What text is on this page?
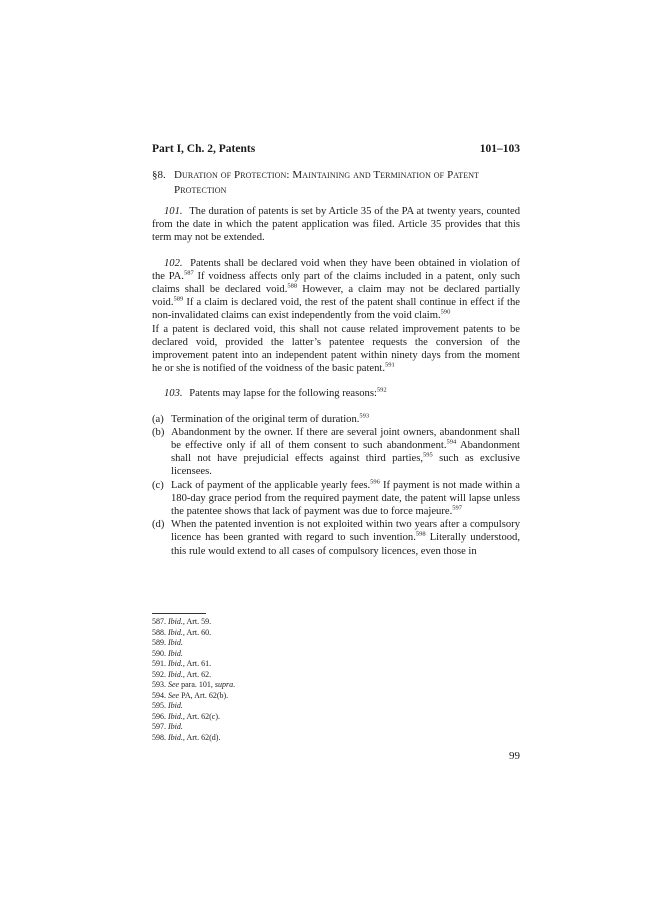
Part I, Ch. 2, Patents	101–103
§8. Duration of Protection: Maintaining and Termination of Patent
Protection

101. The duration of patents is set by Article 35 of the PA at twenty years, counted from the date in which the patent application was filed. Article 35 provides that this term may not be extended.

102. Patents shall be declared void when they have been obtained in violation of the PA.$^{587}$ If voidness affects only part of the claims included in a patent, only such claims shall be declared void.$^{588}$ However, a claim may not be declared partially void.$^{589}$ If a claim is declared void, the rest of the patent shall continue in effect if the non-invalidated claims can exist independently from the void claim.$^{590}$

If a patent is declared void, this shall not cause related improvement patents to be declared void, provided the latter’s patentee requests the conversion of the improvement patent into an independent patent within ninety days from the moment he or she is notified of the voidness of the basic patent.$^{591}$

103. Patents may lapse for the following reasons:$^{592}$

(a) Termination of the original term of duration.$^{593}$
(b) Abandonment by the owner. If there are several joint owners, abandonment shall be effective only if all of them consent to such abandonment.$^{594}$ Abandonment shall not have prejudicial effects against third parties,$^{595}$ such as exclusive licensees.
(c) Lack of payment of the applicable yearly fees.$^{596}$ If payment is not made within a 180-day grace period from the required payment date, the patent will lapse unless the patentee shows that lack of payment was due to force majeure.$^{597}$
(d) When the patented invention is not exploited within two years after a compulsory licence has been granted with regard to such invention.$^{598}$ Literally understood, this rule would extend to all cases of compulsory licences, even those in
587. Ibid., Art. 59.
588. Ibid., Art. 60.
589. Ibid.
590. Ibid.
591. Ibid., Art. 61.
592. Ibid., Art. 62.
593. See para. 101, supra.
594. See PA, Art. 62(b).
595. Ibid.
596. Ibid., Art. 62(c).
597. Ibid.
598. Ibid., Art. 62(d).
99
